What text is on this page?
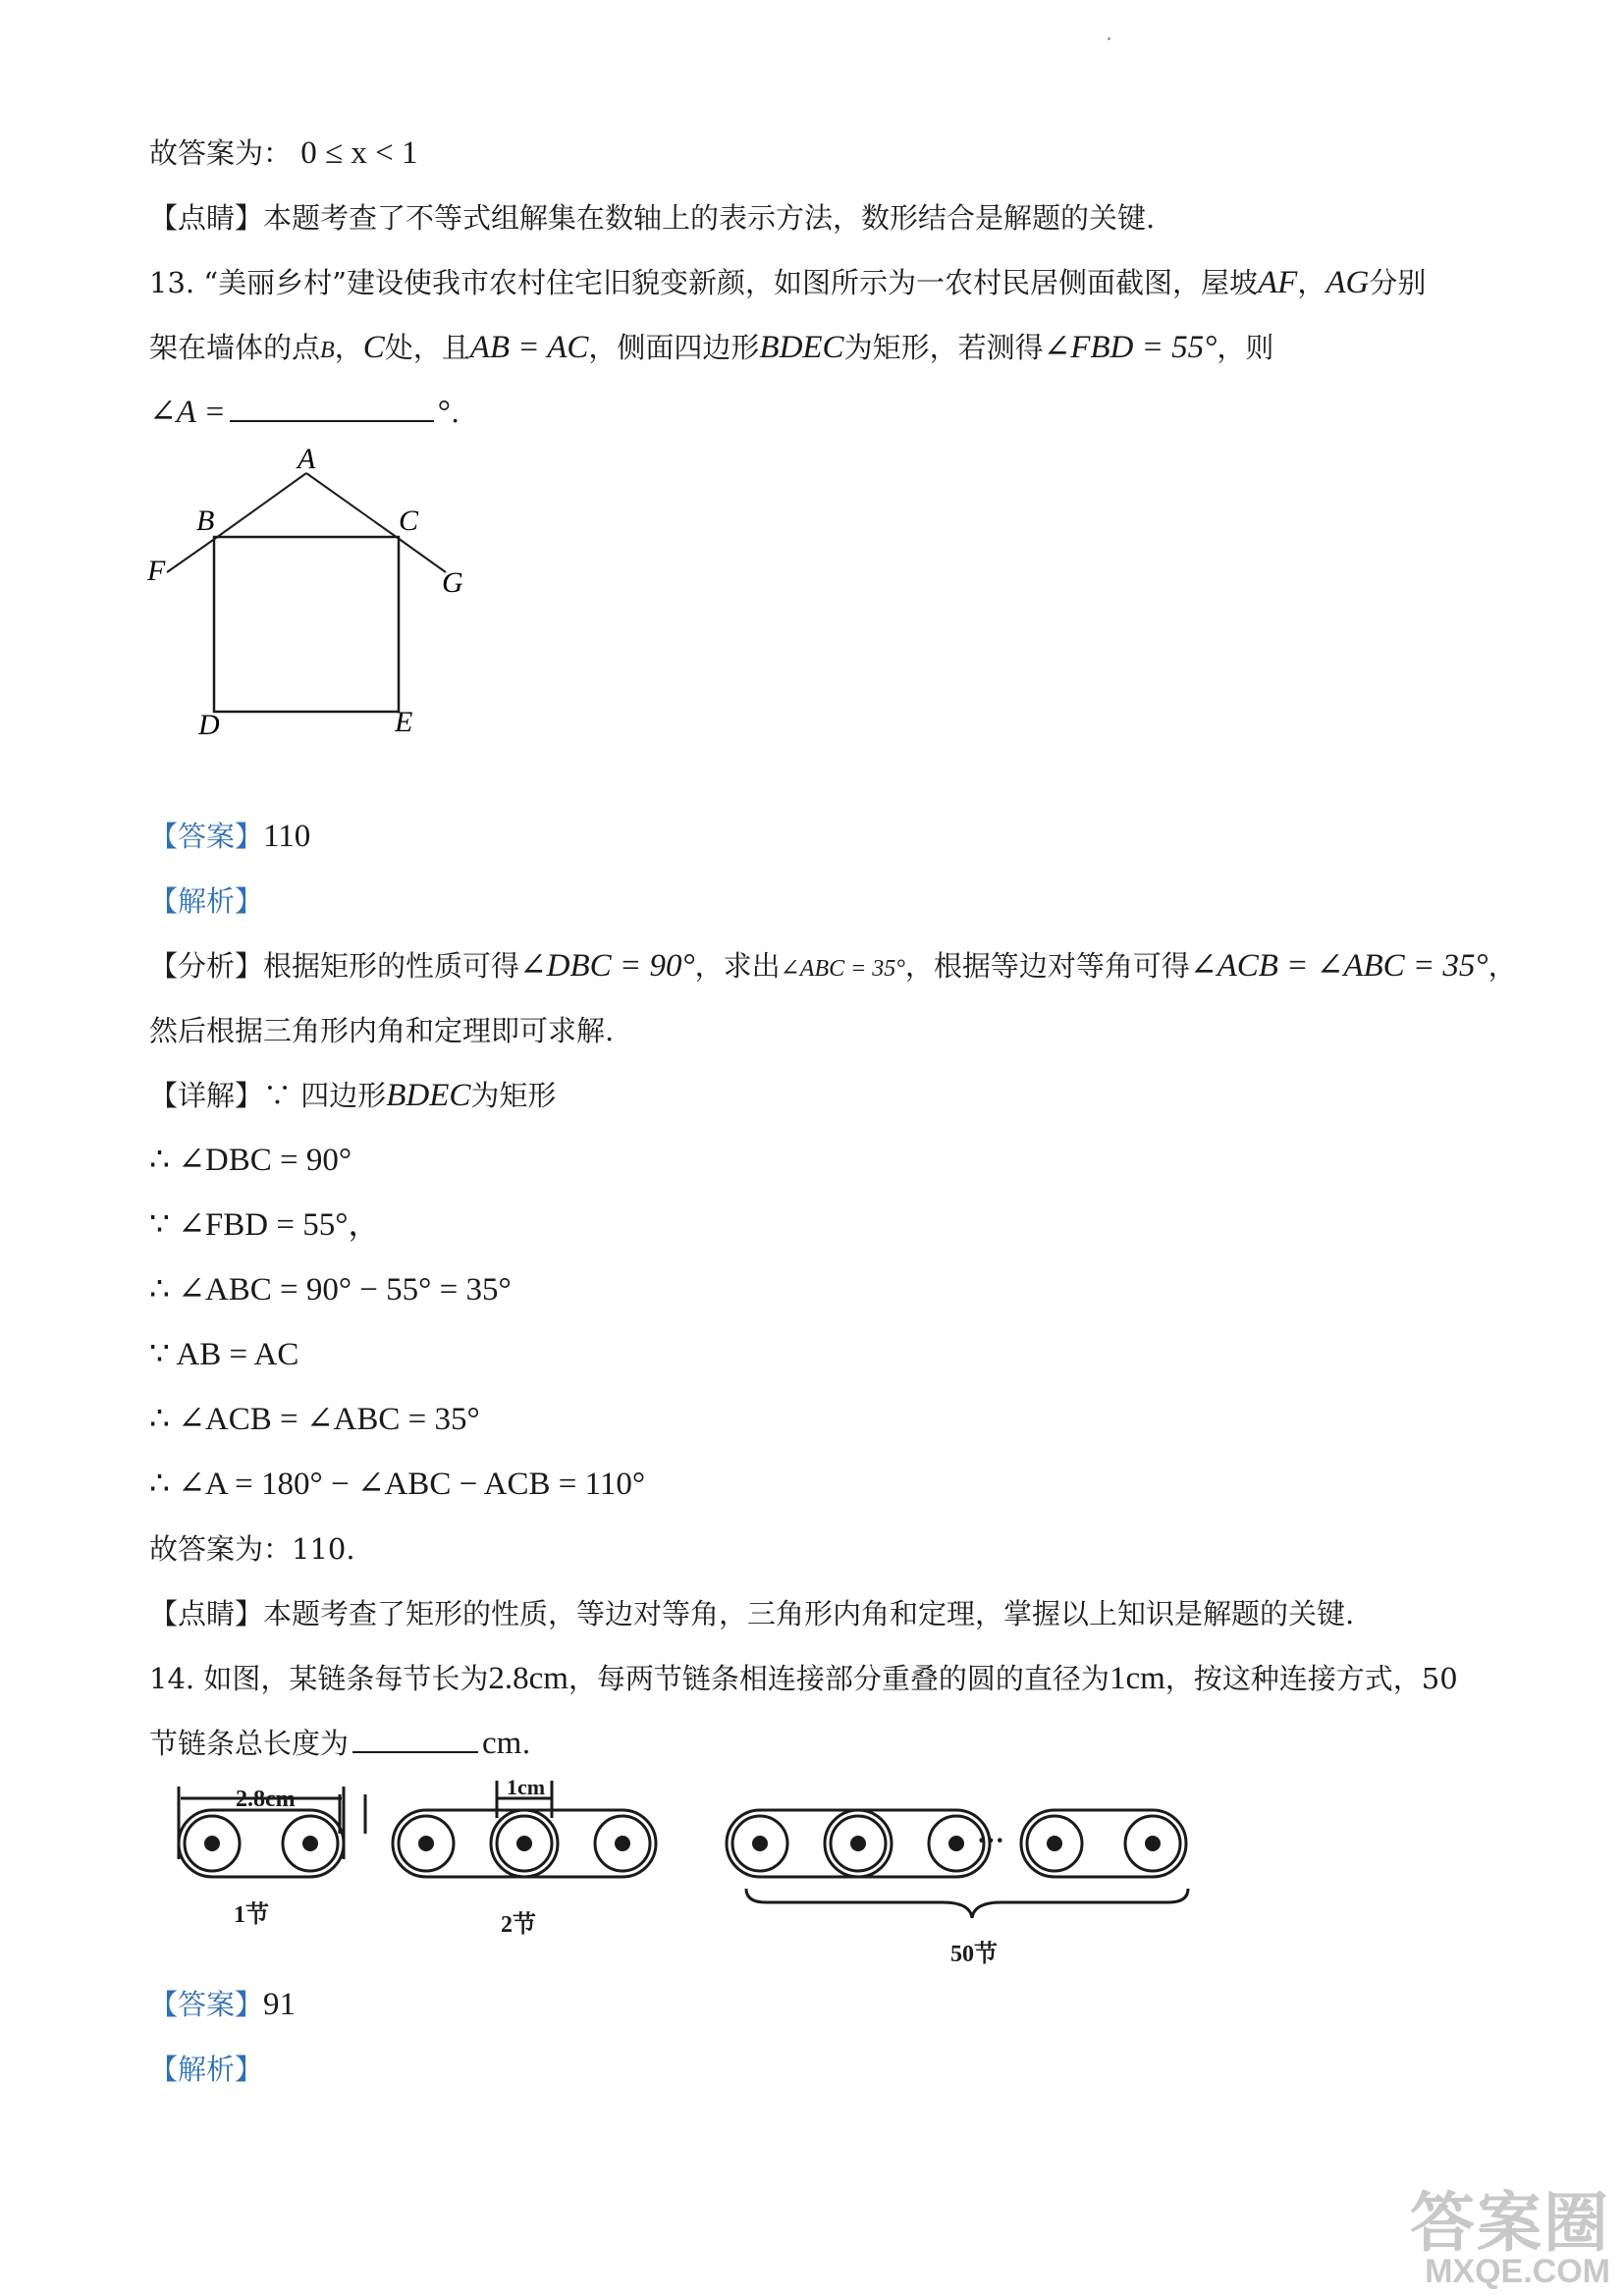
故答案为： 0 ≤ x < 1
【点睛】本题考查了不等式组解集在数轴上的表示方法，数形结合是解题的关键.
13. “美丽乡村”建设使我市农村住宅旧貌变新颜，如图所示为一农村民居侧面截图，屋坡AF，AG分别
架在墙体的点B，C处，且AB = AC，侧面四边形BDEC为矩形，若测得∠FBD = 55°，则
∠A =	°.
A
B	C
D	E
F	G
【答案】110
【解析】
【分析】根据矩形的性质可得∠DBC = 90°，求出∠ABC = 35°，根据等边对等角可得∠ACB = ∠ABC = 35°，
然后根据三角形内角和定理即可求解.
【详解】∵ 四边形BDEC为矩形
∴ ∠DBC = 90°
∵ ∠FBD = 55°，
∴ ∠ABC = 90° − 55° = 35°
∵ AB = AC
∴ ∠ACB = ∠ABC = 35°
∴ ∠A = 180° − ∠ABC − ACB = 110°
故答案为：110.
【点睛】本题考查了矩形的性质，等边对等角，三角形内角和定理，掌握以上知识是解题的关键.
14. 如图，某链条每节长为2.8cm，每两节链条相连接部分重叠的圆的直径为1cm，按这种连接方式，50
节链条总长度为	cm.
2.8cm	1cm
···
1节	2节
50节
【答案】91
【解析】
答案圈
MXQE.COM
